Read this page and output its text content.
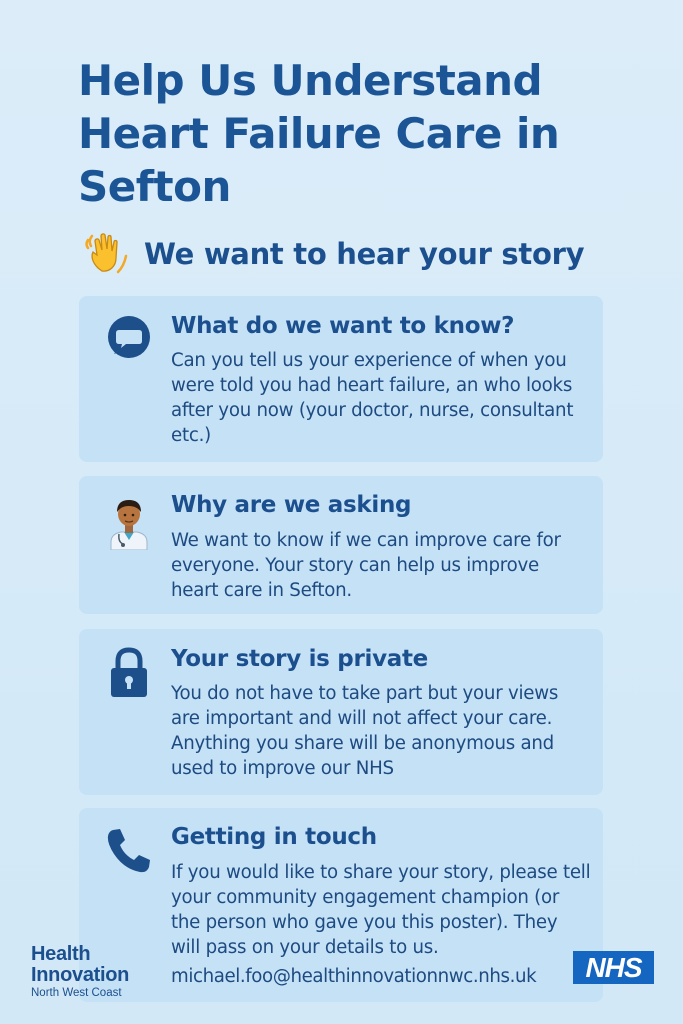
Help Us Understand Heart Failure Care in Sefton
We want to hear your story
What do we want to know?

Can you tell us your experience of when you were told you had heart failure, an who looks after you now (your doctor, nurse, consultant etc.)

Why are we asking

We want to know if we can improve care for everyone. Your story can help us improve heart care in Sefton.

Your story is private

You do not have to take part but your views are important and will not affect your care. Anything you share will be anonymous and used to improve our NHS

Getting in touch

If you would like to share your story, please tell your community engagement champion (or the person who gave you this poster). They will pass on your details to us.

michael.foo@healthinnovationnwc.nhs.uk
Health
Innovation
North West Coast
NHS
